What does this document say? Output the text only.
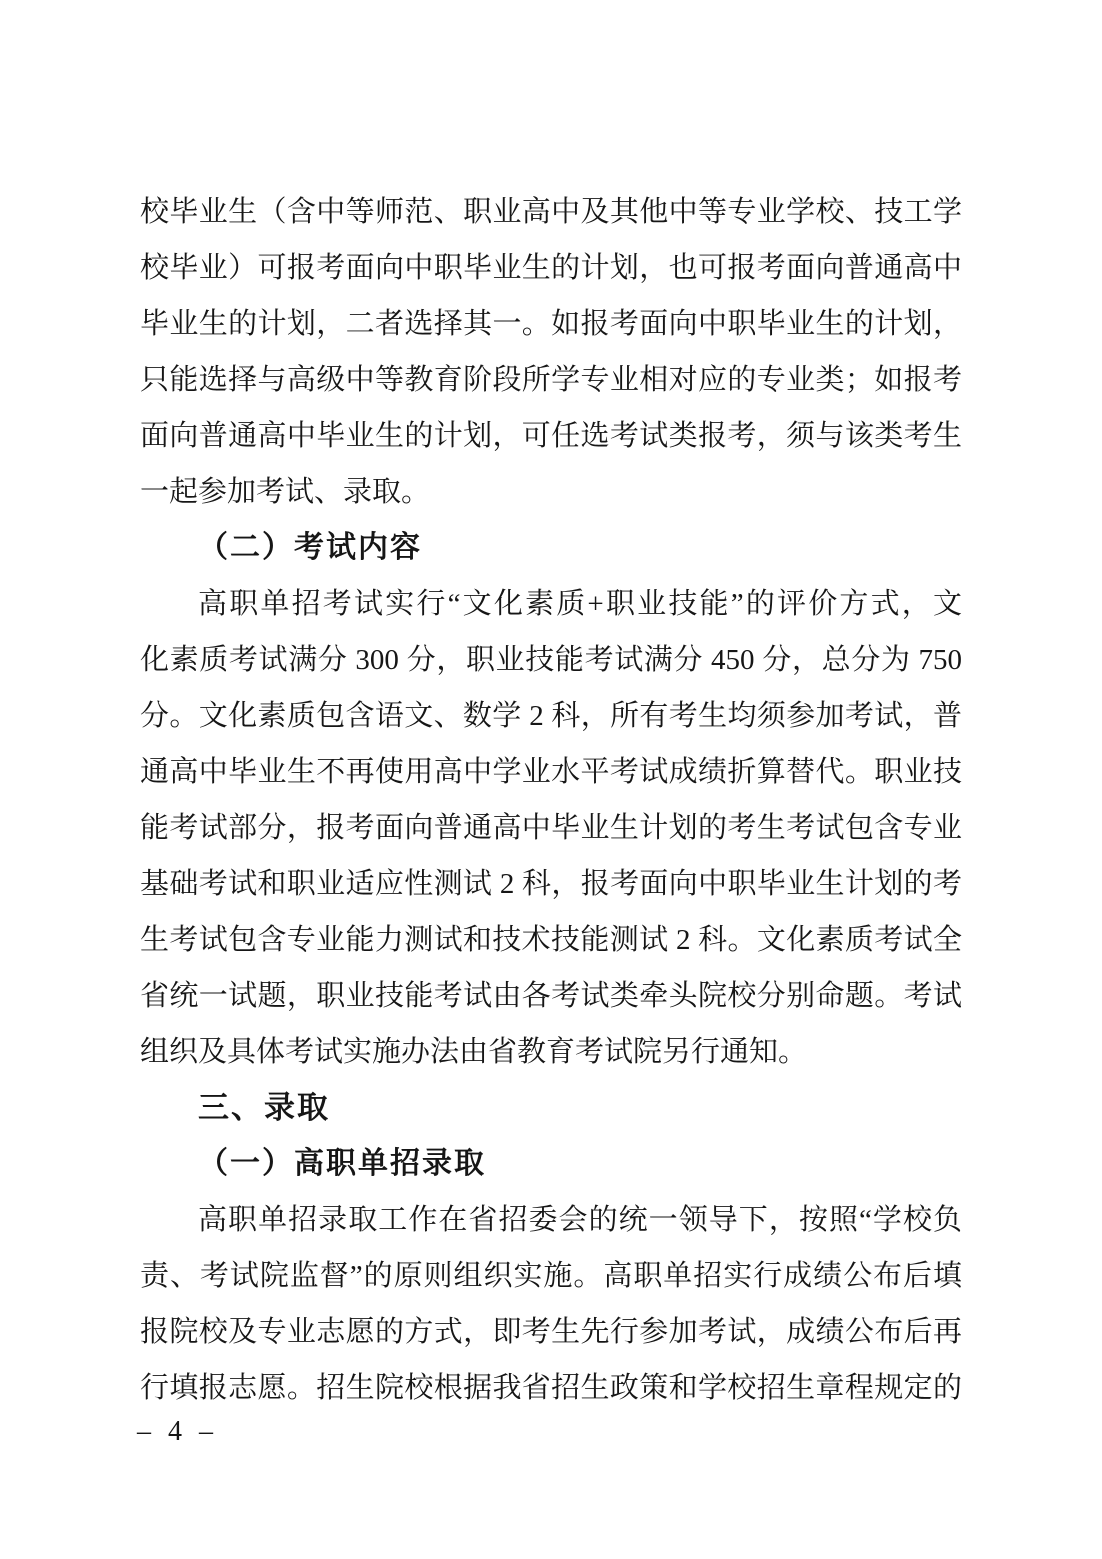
校毕业生（含中等师范、职业高中及其他中等专业学校、技工学
校毕业）可报考面向中职毕业生的计划，也可报考面向普通高中
毕业生的计划，二者选择其一。如报考面向中职毕业生的计划，
只能选择与高级中等教育阶段所学专业相对应的专业类；如报考
面向普通高中毕业生的计划，可任选考试类报考，须与该类考生
一起参加考试、录取。
（二）考试内容
高职单招考试实行“文化素质+职业技能”的评价方式，文
化素质考试满分 300 分，职业技能考试满分 450 分，总分为 750
分。文化素质包含语文、数学 2 科，所有考生均须参加考试，普
通高中毕业生不再使用高中学业水平考试成绩折算替代。职业技
能考试部分，报考面向普通高中毕业生计划的考生考试包含专业
基础考试和职业适应性测试 2 科，报考面向中职毕业生计划的考
生考试包含专业能力测试和技术技能测试 2 科。文化素质考试全
省统一试题，职业技能考试由各考试类牵头院校分别命题。考试
组织及具体考试实施办法由省教育考试院另行通知。
三、录取
（一）高职单招录取
高职单招录取工作在省招委会的统一领导下，按照“学校负
责、考试院监督”的原则组织实施。高职单招实行成绩公布后填
报院校及专业志愿的方式，即考生先行参加考试，成绩公布后再
行填报志愿。招生院校根据我省招生政策和学校招生章程规定的
– 4 –
